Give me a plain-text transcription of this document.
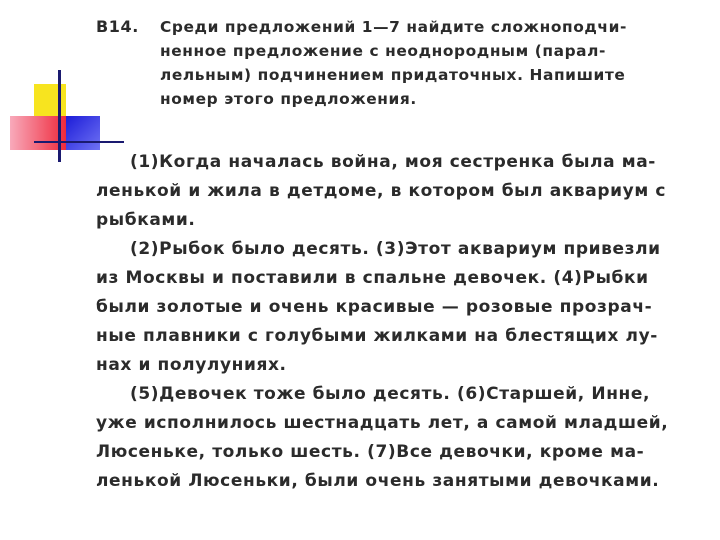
В14. Среди предложений 1—7 найдите сложноподчи-
ненное предложение с неоднородным (парал-
лельным) подчинением придаточных. Напишите
номер этого предложения.
(1)Когда началась война, моя сестренка была ма-
ленькой и жила в детдоме, в котором был аквариум с
рыбками.
(2)Рыбок было десять. (3)Этот аквариум привезли
из Москвы и поставили в спальне девочек. (4)Рыбки
были золотые и очень красивые — розовые прозрач-
ные плавники с голубыми жилками на блестящих лу-
нах и полулуниях.
(5)Девочек тоже было десять. (6)Старшей, Инне,
уже исполнилось шестнадцать лет, а самой младшей,
Люсеньке, только шесть. (7)Все девочки, кроме ма-
ленькой Люсеньки, были очень занятыми девочками.
